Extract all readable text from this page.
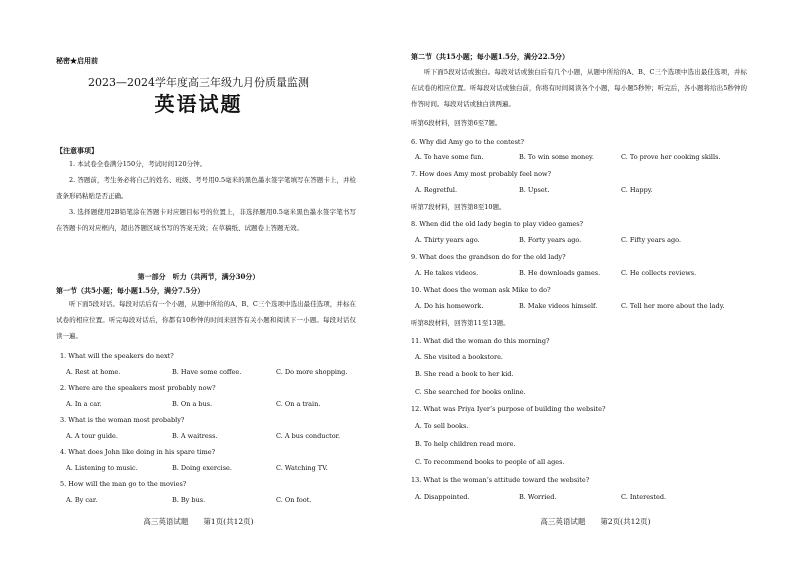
秘密★启用前
2023—2024学年度高三年级九月份质量监测
英语试题
【注意事项】
1. 本试卷全卷满分150分，考试时间120分钟。
2. 答题前，考生务必将自己的姓名、班级、考号用0.5毫米的黑色墨水签字笔填写在答题卡上，并检查条形码粘贴是否正确。
3. 选择题使用2B铅笔涂在答题卡对应题目标号的位置上，非选择题用0.5毫米黑色墨水签字笔书写在答题卡的对应框内，超出答题区域书写的答案无效；在草稿纸、试题卷上答题无效。
第一部分　听力（共两节，满分30分）
第一节（共5小题；每小题1.5分，满分7.5分）
听下面5段对话。每段对话后有一个小题，从题中所给的A、B、C三个选项中选出最佳选项，并标在试卷的相应位置。听完每段对话后，你都有10秒钟的时间来回答有关小题和阅读下一小题。每段对话仅读一遍。
1. What will the speakers do next?
A. Rest at home.	B. Have some coffee.	C. Do more shopping.
2. Where are the speakers most probably now?
A. In a car.	B. On a bus.	C. On a train.
3. What is the woman most probably?
A. A tour guide.	B. A waitress.	C. A bus conductor.
4. What does John like doing in his spare time?
A. Listening to music.	B. Doing exercise.	C. Watching TV.
5. How will the man go to the movies?
A. By car.	B. By bus.	C. On foot.
高三英语试题　　第1页(共12页)
第二节（共15小题；每小题1.5分，满分22.5分）
听下面5段对话或独白。每段对话或独白后有几个小题，从题中所给的A、B、C三个选项中选出最佳选项，并标在试卷的相应位置。听每段对话或独白前，你将有时间阅读各个小题，每小题5秒钟；听完后，各小题将给出5秒钟的作答时间。每段对话或独白读两遍。
听第6段材料，回答第6至7题。
6. Why did Amy go to the contest?
A. To have some fun.	B. To win some money.	C. To prove her cooking skills.
7. How does Amy most probably feel now?
A. Regretful.	B. Upset.	C. Happy.
听第7段材料，回答第8至10题。
8. When did the old lady begin to play video games?
A. Thirty years ago.	B. Forty years ago.	C. Fifty years ago.
9. What does the grandson do for the old lady?
A. He takes videos.	B. He downloads games.	C. He collects reviews.
10. What does the woman ask Mike to do?
A. Do his homework.	B. Make videos himself.	C. Tell her more about the lady.
听第8段材料，回答第11至13题。
11. What did the woman do this morning?
A. She visited a bookstore.
B. She read a book to her kid.
C. She searched for books online.
12. What was Priya Iyer’s purpose of building the website?
A. To sell books.
B. To help children read more.
C. To recommend books to people of all ages.
13. What is the woman’s attitude toward the website?
A. Disappointed.	B. Worried.	C. Interested.
高三英语试题　　第2页(共12页)
